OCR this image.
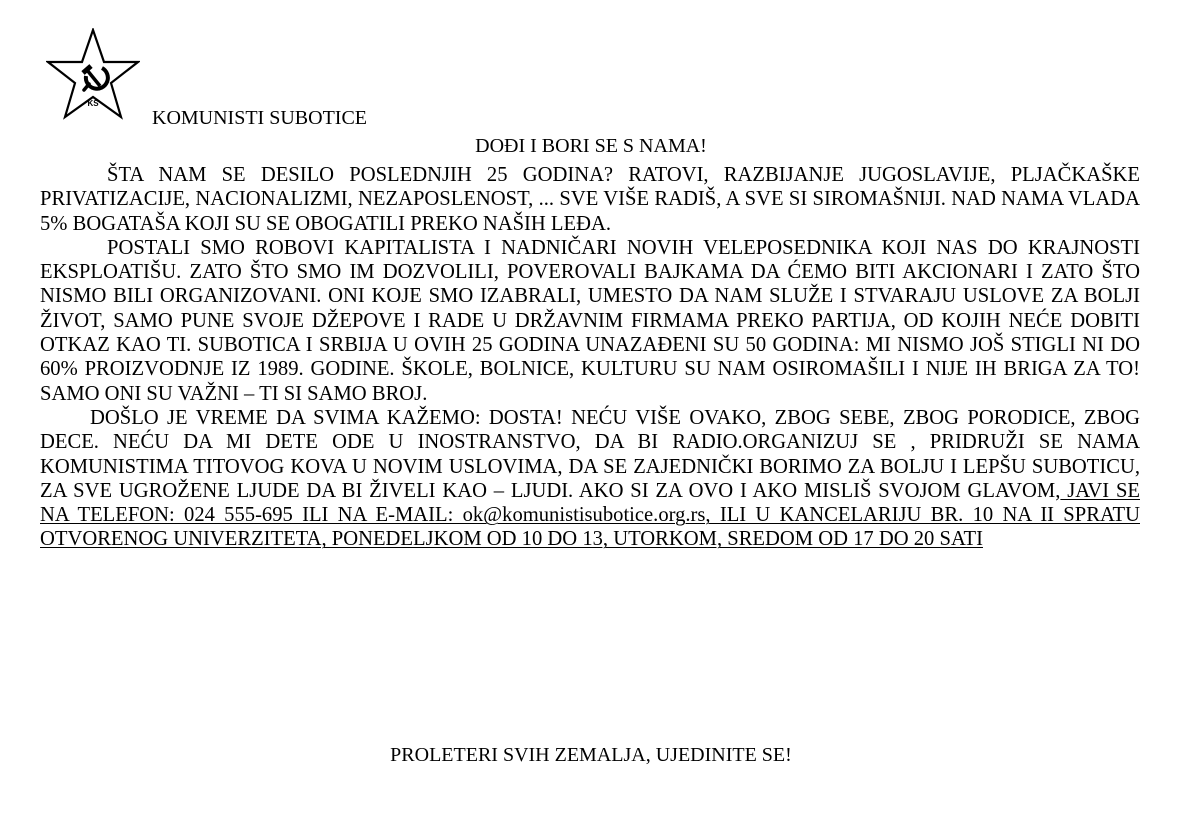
KS
KOMUNISTI SUBOTICE
DOĐI I BORI SE S NAMA!

ŠTA NAM SE DESILO POSLEDNJIH 25 GODINA? RATOVI, RAZBIJANJE JUGOSLAVIJE, PLJAČKAŠKE PRIVATIZACIJE, NACIONALIZMI, NEZAPOSLENOST, ... SVE VIŠE RADIŠ, A SVE SI SIROMAŠNIJI. NAD NAMA VLADA 5% BOGATAŠA KOJI SU SE OBOGATILI PREKO NAŠIH LEĐA.

POSTALI SMO ROBOVI KAPITALISTA I NADNIČARI NOVIH VELEPOSEDNIKA KOJI NAS DO KRAJNOSTI EKSPLOATIŠU. ZATO ŠTO SMO IM DOZVOLILI, POVEROVALI BAJKAMA DA ĆEMO BITI AKCIONARI I ZATO ŠTO NISMO BILI ORGANIZOVANI. ONI KOJE SMO IZABRALI, UMESTO DA NAM SLUŽE I STVARAJU USLOVE ZA BOLJI ŽIVOT, SAMO PUNE SVOJE DŽEPOVE I RADE U DRŽAVNIM FIRMAMA PREKO PARTIJA, OD KOJIH NEĆE DOBITI OTKAZ KAO TI. SUBOTICA I SRBIJA U OVIH 25 GODINA UNAZAĐENI SU 50 GODINA: MI NISMO JOŠ STIGLI NI DO 60% PROIZVODNJE IZ 1989. GODINE. ŠKOLE, BOLNICE, KULTURU SU NAM OSIROMAŠILI I NIJE IH BRIGA ZA TO! SAMO ONI SU VAŽNI – TI SI SAMO BROJ.

DOŠLO JE VREME DA SVIMA KAŽEMO: DOSTA! NEĆU VIŠE OVAKO, ZBOG SEBE, ZBOG PORODICE, ZBOG DECE. NEĆU DA MI DETE ODE U INOSTRANSTVO, DA BI RADIO.ORGANIZUJ SE , PRIDRUŽI SE NAMA KOMUNISTIMA TITOVOG KOVA U NOVIM USLOVIMA, DA SE ZAJEDNIČKI BORIMO ZA BOLJU I LEPŠU SUBOTICU, ZA SVE UGROŽENE LJUDE DA BI ŽIVELI KAO – LJUDI. AKO SI ZA OVO I AKO MISLIŠ SVOJOM GLAVOM, JAVI SE NA TELEFON: 024 555-695 ILI NA E-MAIL: ok@komunistisubotice.org.rs, ILI U KANCELARIJU BR. 10 NA II SPRATU OTVORENOG UNIVERZITETA, PONEDELJKOM OD 10 DO 13, UTORKOM, SREDOM OD 17 DO 20 SATI

PROLETERI SVIH ZEMALJA, UJEDINITE SE!
